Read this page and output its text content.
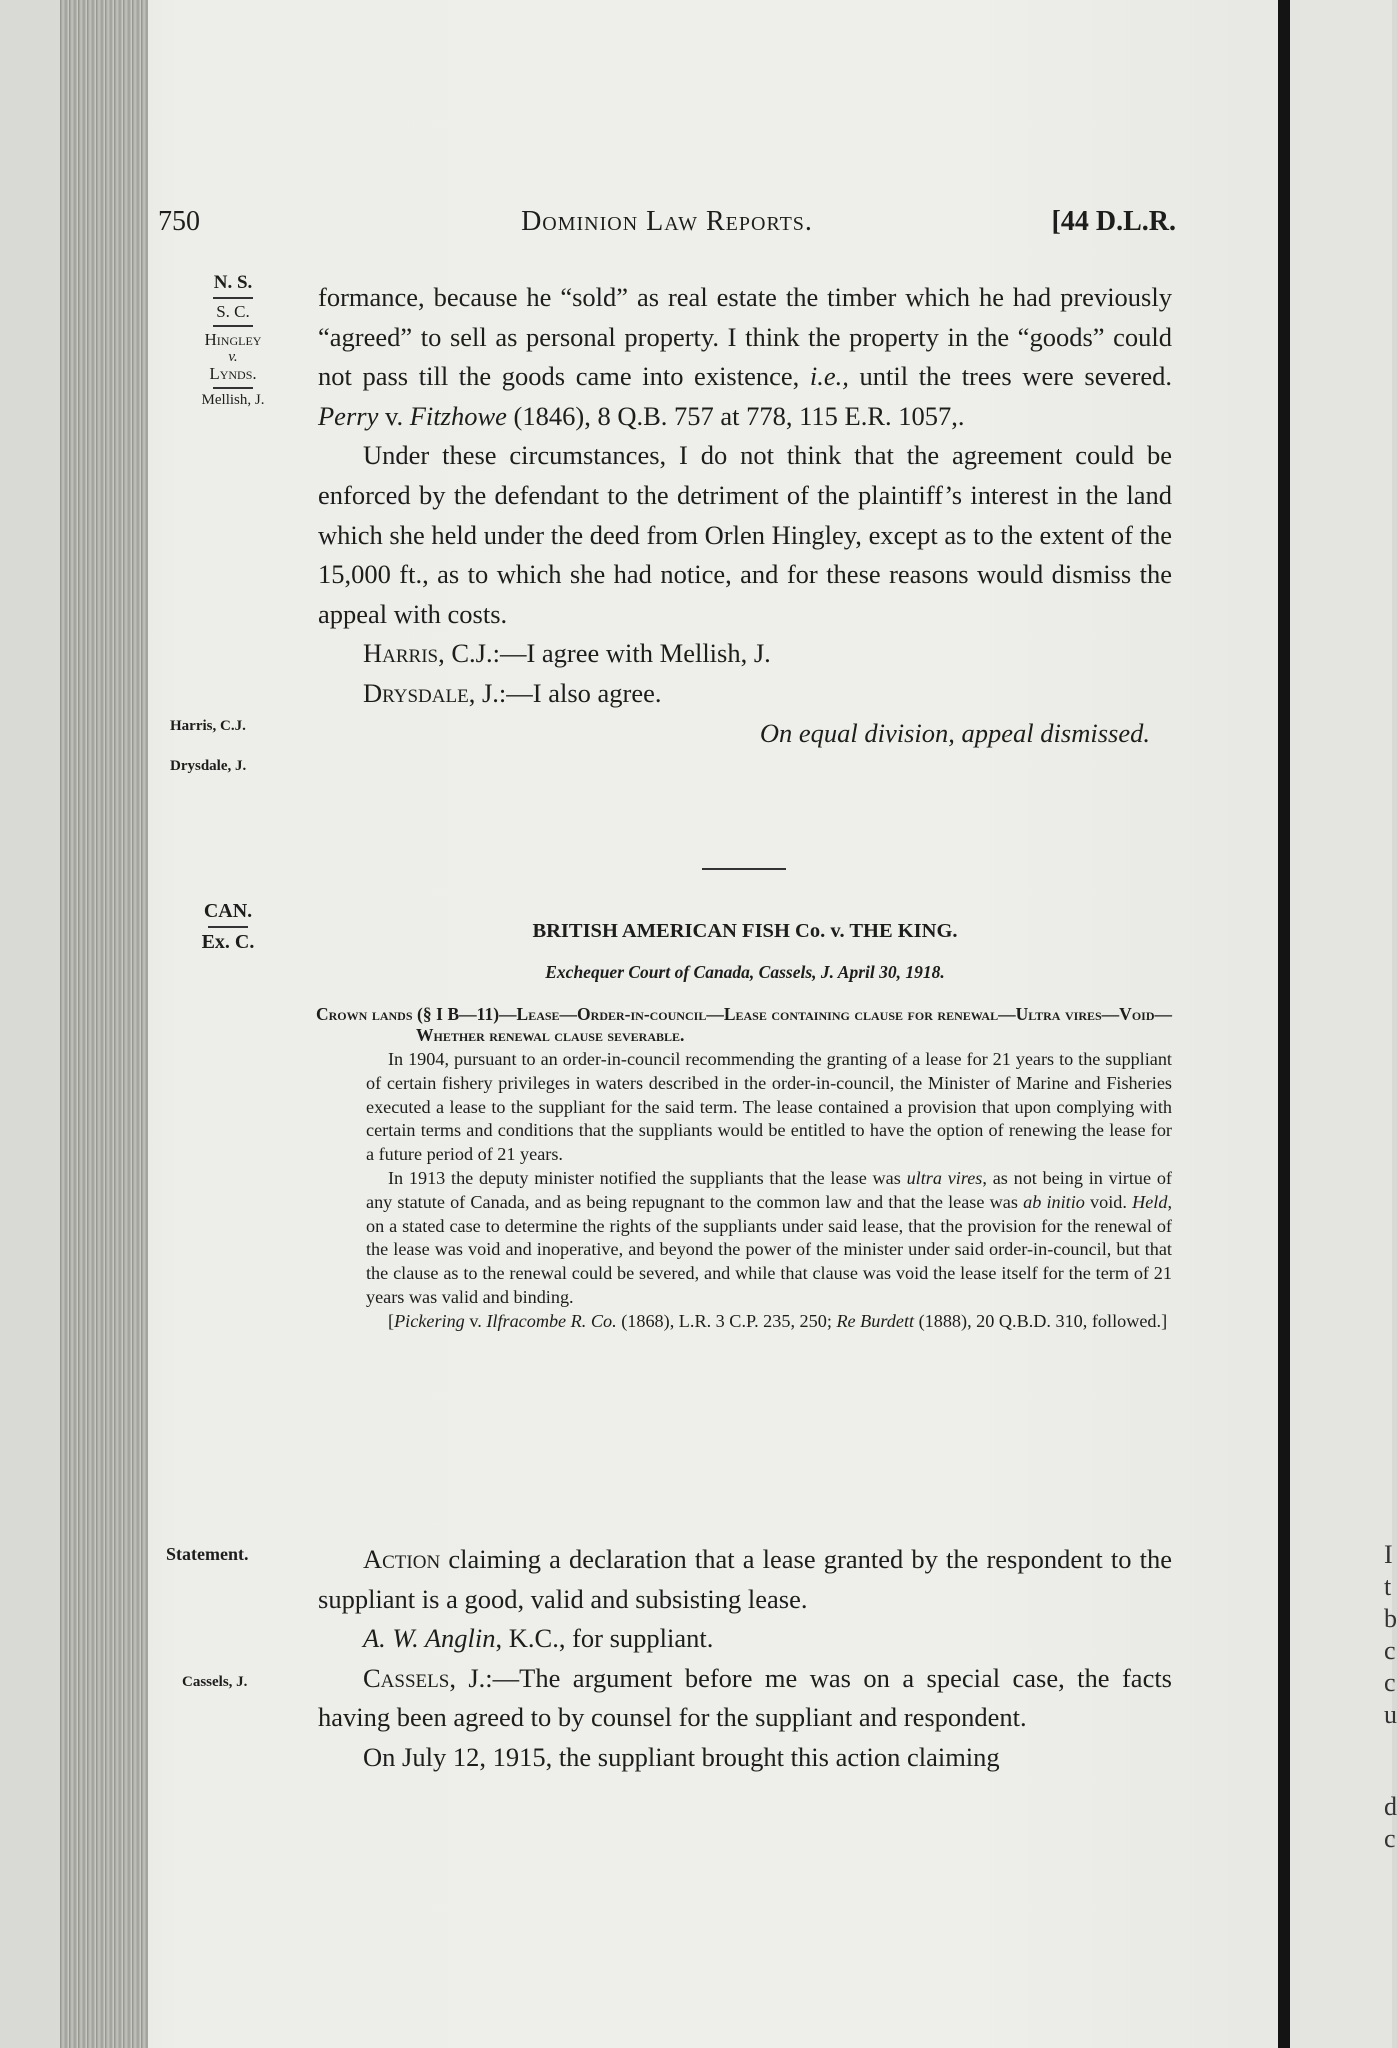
I
t
b
c
c
u
d
c
Dominion Law Reports.
750	[44 D.L.R.
N. S.
S. C.
Hingley
v.
Lynds.
Mellish, J.
Harris, C.J.
Drysdale, J.
CAN.
Ex. C.
Statement.
Cassels, J.

formance, because he “sold” as real estate the timber which he had previously “agreed” to sell as personal property. I think the property in the “goods” could not pass till the goods came into existence, i.e., until the trees were severed. Perry v. Fitzhowe (1846), 8 Q.B. 757 at 778, 115 E.R. 1057,.

Under these circumstances, I do not think that the agreement could be enforced by the defendant to the detriment of the plaintiff’s interest in the land which she held under the deed from Orlen Hingley, except as to the extent of the 15,000 ft., as to which she had notice, and for these reasons would dismiss the appeal with costs.

Harris, C.J.:—I agree with Mellish, J.

Drysdale, J.:—I also agree.

On equal division, appeal dismissed.

BRITISH AMERICAN FISH Co. v. THE KING.
Exchequer Court of Canada, Cassels, J. April 30, 1918.

Crown lands (§ I B—11)—Lease—Order-in-council—Lease containing clause for renewal—Ultra vires—Void—Whether renewal clause severable.

In 1904, pursuant to an order-in-council recommending the granting of a lease for 21 years to the suppliant of certain fishery privileges in waters described in the order-in-council, the Minister of Marine and Fisheries executed a lease to the suppliant for the said term. The lease contained a provision that upon complying with certain terms and conditions that the suppliants would be entitled to have the option of renewing the lease for a future period of 21 years.

In 1913 the deputy minister notified the suppliants that the lease was ultra vires, as not being in virtue of any statute of Canada, and as being repugnant to the common law and that the lease was ab initio void. Held, on a stated case to determine the rights of the suppliants under said lease, that the provision for the renewal of the lease was void and inoperative, and beyond the power of the minister under said order-in-council, but that the clause as to the renewal could be severed, and while that clause was void the lease itself for the term of 21 years was valid and binding.

[Pickering v. Ilfracombe R. Co. (1868), L.R. 3 C.P. 235, 250; Re Burdett (1888), 20 Q.B.D. 310, followed.]

Action claiming a declaration that a lease granted by the respondent to the suppliant is a good, valid and subsisting lease.

A. W. Anglin, K.C., for suppliant.

Cassels, J.:—The argument before me was on a special case, the facts having been agreed to by counsel for the suppliant and respondent.

On July 12, 1915, the suppliant brought this action claiming
